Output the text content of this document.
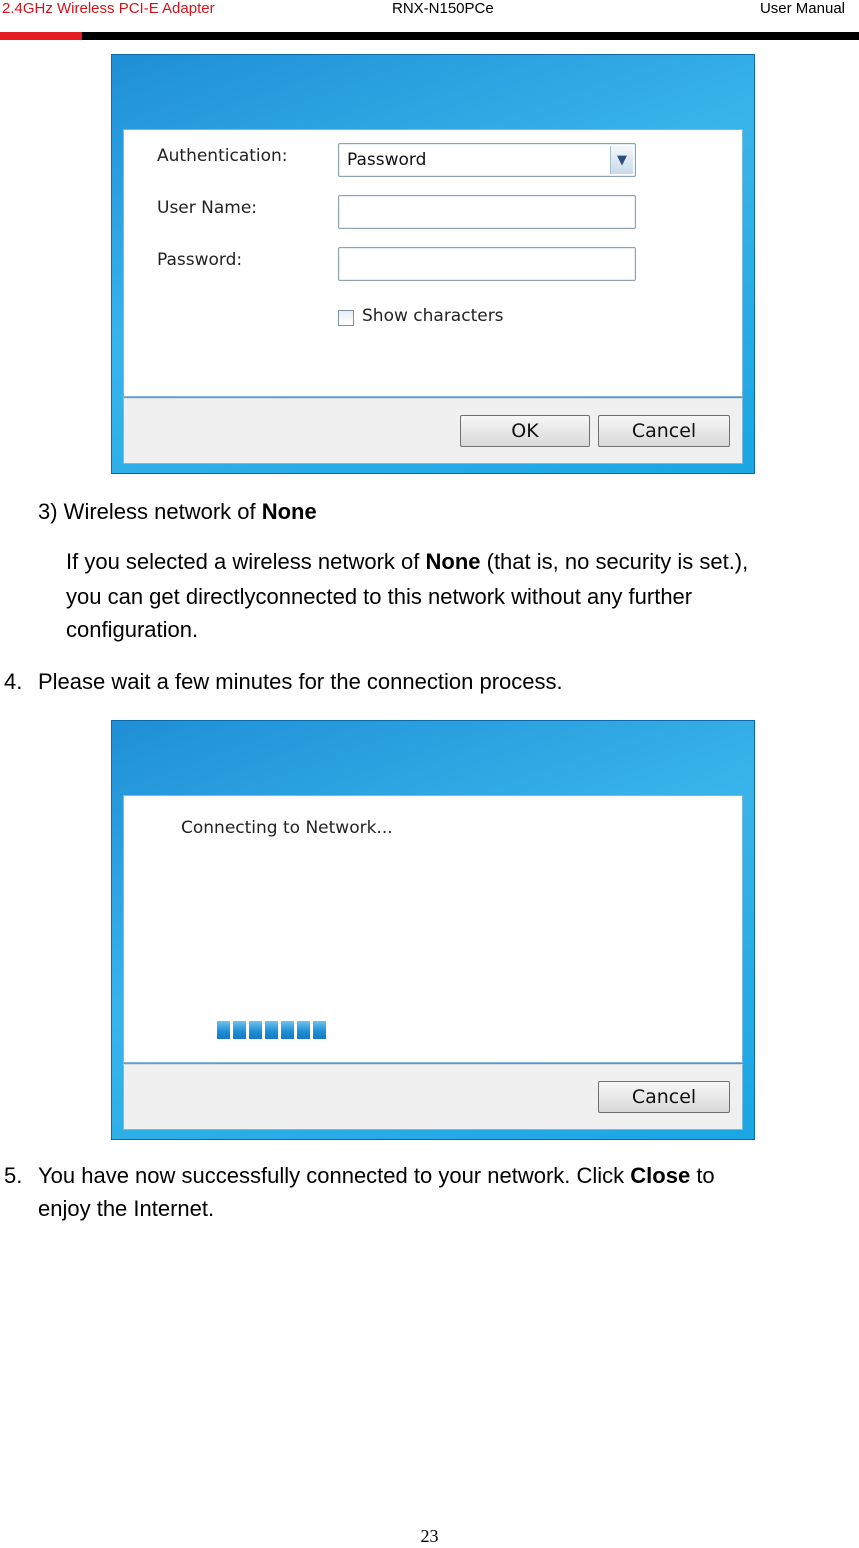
2.4GHz Wireless PCI-E Adapter	RNX-N150PCe	User Manual
Authentication:	Password	▼
User Name:
Password:
Show characters
OK	Cancel
3) Wireless network of None
If you selected a wireless network of None (that is, no security is set.),
you can get directlyconnected to this network without any further
configuration.
4. Please wait a few minutes for the connection process.
Connecting to Network...
Cancel
5. You have now successfully connected to your network. Click Close to
enjoy the Internet.
23
